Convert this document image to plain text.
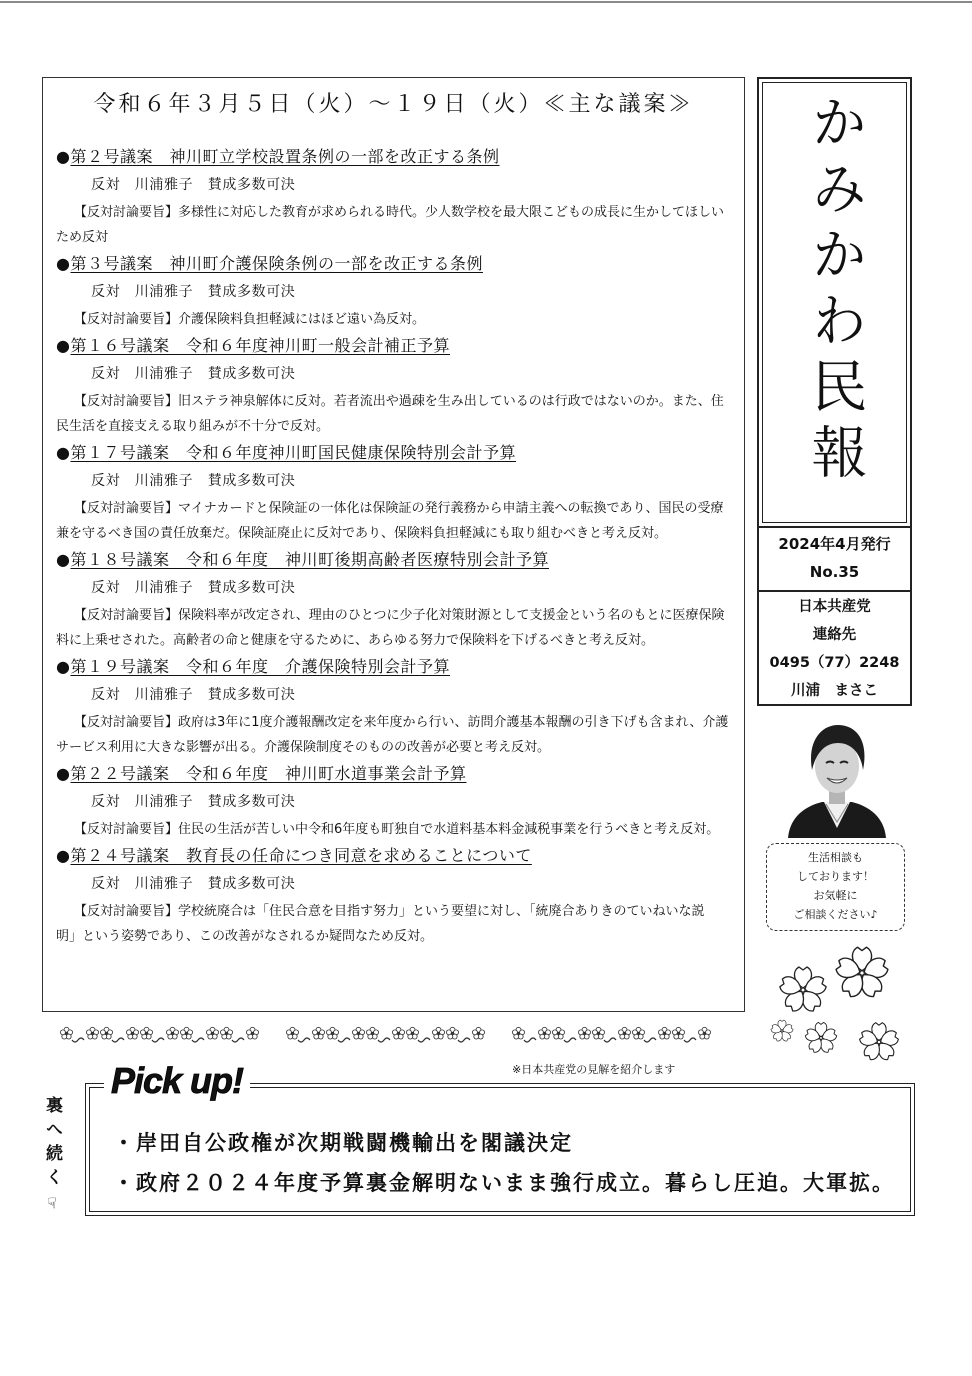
令和６年３月５日（火）～１９日（火）≪主な議案≫
●第２号議案　神川町立学校設置条例の一部を改正する条例
反対　川浦雅子　賛成多数可決
【反対討論要旨】多様性に対応した教育が求められる時代。少人数学校を最大限こどもの成長に生かしてほしい
ため反対
●第３号議案　神川町介護保険条例の一部を改正する条例
反対　川浦雅子　賛成多数可決
【反対討論要旨】介護保険料負担軽減にはほど遠い為反対。
●第１６号議案　令和６年度神川町一般会計補正予算
反対　川浦雅子　賛成多数可決
【反対討論要旨】旧ステラ神泉解体に反対。若者流出や過疎を生み出しているのは行政ではないのか。また、住
民生活を直接支える取り組みが不十分で反対。
●第１７号議案　令和６年度神川町国民健康保険特別会計予算
反対　川浦雅子　賛成多数可決
【反対討論要旨】マイナカードと保険証の一体化は保険証の発行義務から申請主義への転換であり、国民の受療
兼を守るべき国の責任放棄だ。保険証廃止に反対であり、保険料負担軽減にも取り組むべきと考え反対。
●第１８号議案　令和６年度　神川町後期高齢者医療特別会計予算
反対　川浦雅子　賛成多数可決
【反対討論要旨】保険料率が改定され、理由のひとつに少子化対策財源として支援金という名のもとに医療保険
料に上乗せされた。高齢者の命と健康を守るために、あらゆる努力で保険料を下げるべきと考え反対。
●第１９号議案　令和６年度　介護保険特別会計予算
反対　川浦雅子　賛成多数可決
【反対討論要旨】政府は3年に1度介護報酬改定を来年度から行い、訪問介護基本報酬の引き下げも含まれ、介護
サービス利用に大きな影響が出る。介護保険制度そのものの改善が必要と考え反対。
●第２２号議案　令和６年度　神川町水道事業会計予算
反対　川浦雅子　賛成多数可決
【反対討論要旨】住民の生活が苦しい中令和6年度も町独自で水道料基本料金減税事業を行うべきと考え反対。
●第２４号議案　教育長の任命につき同意を求めることについて
反対　川浦雅子　賛成多数可決
【反対討論要旨】学校統廃合は「住民合意を目指す努力」という要望に対し、「統廃合ありきのていねいな説
明」という姿勢であり、この改善がなされるか疑問なため反対。
かみかわ民報
2024年4月発行
No.35
日本共産党
連絡先
0495（77）2248
川浦　まさこ
生活相談も
しております！
お気軽に
ご相談ください♪
※日本共産党の見解を紹介します
Pick up!
・岸田自公政権が次期戦闘機輸出を閣議決定
・政府２０２４年度予算裏金解明ないまま強行成立。暮らし圧迫。大軍拡。
裏へ続く
☞
